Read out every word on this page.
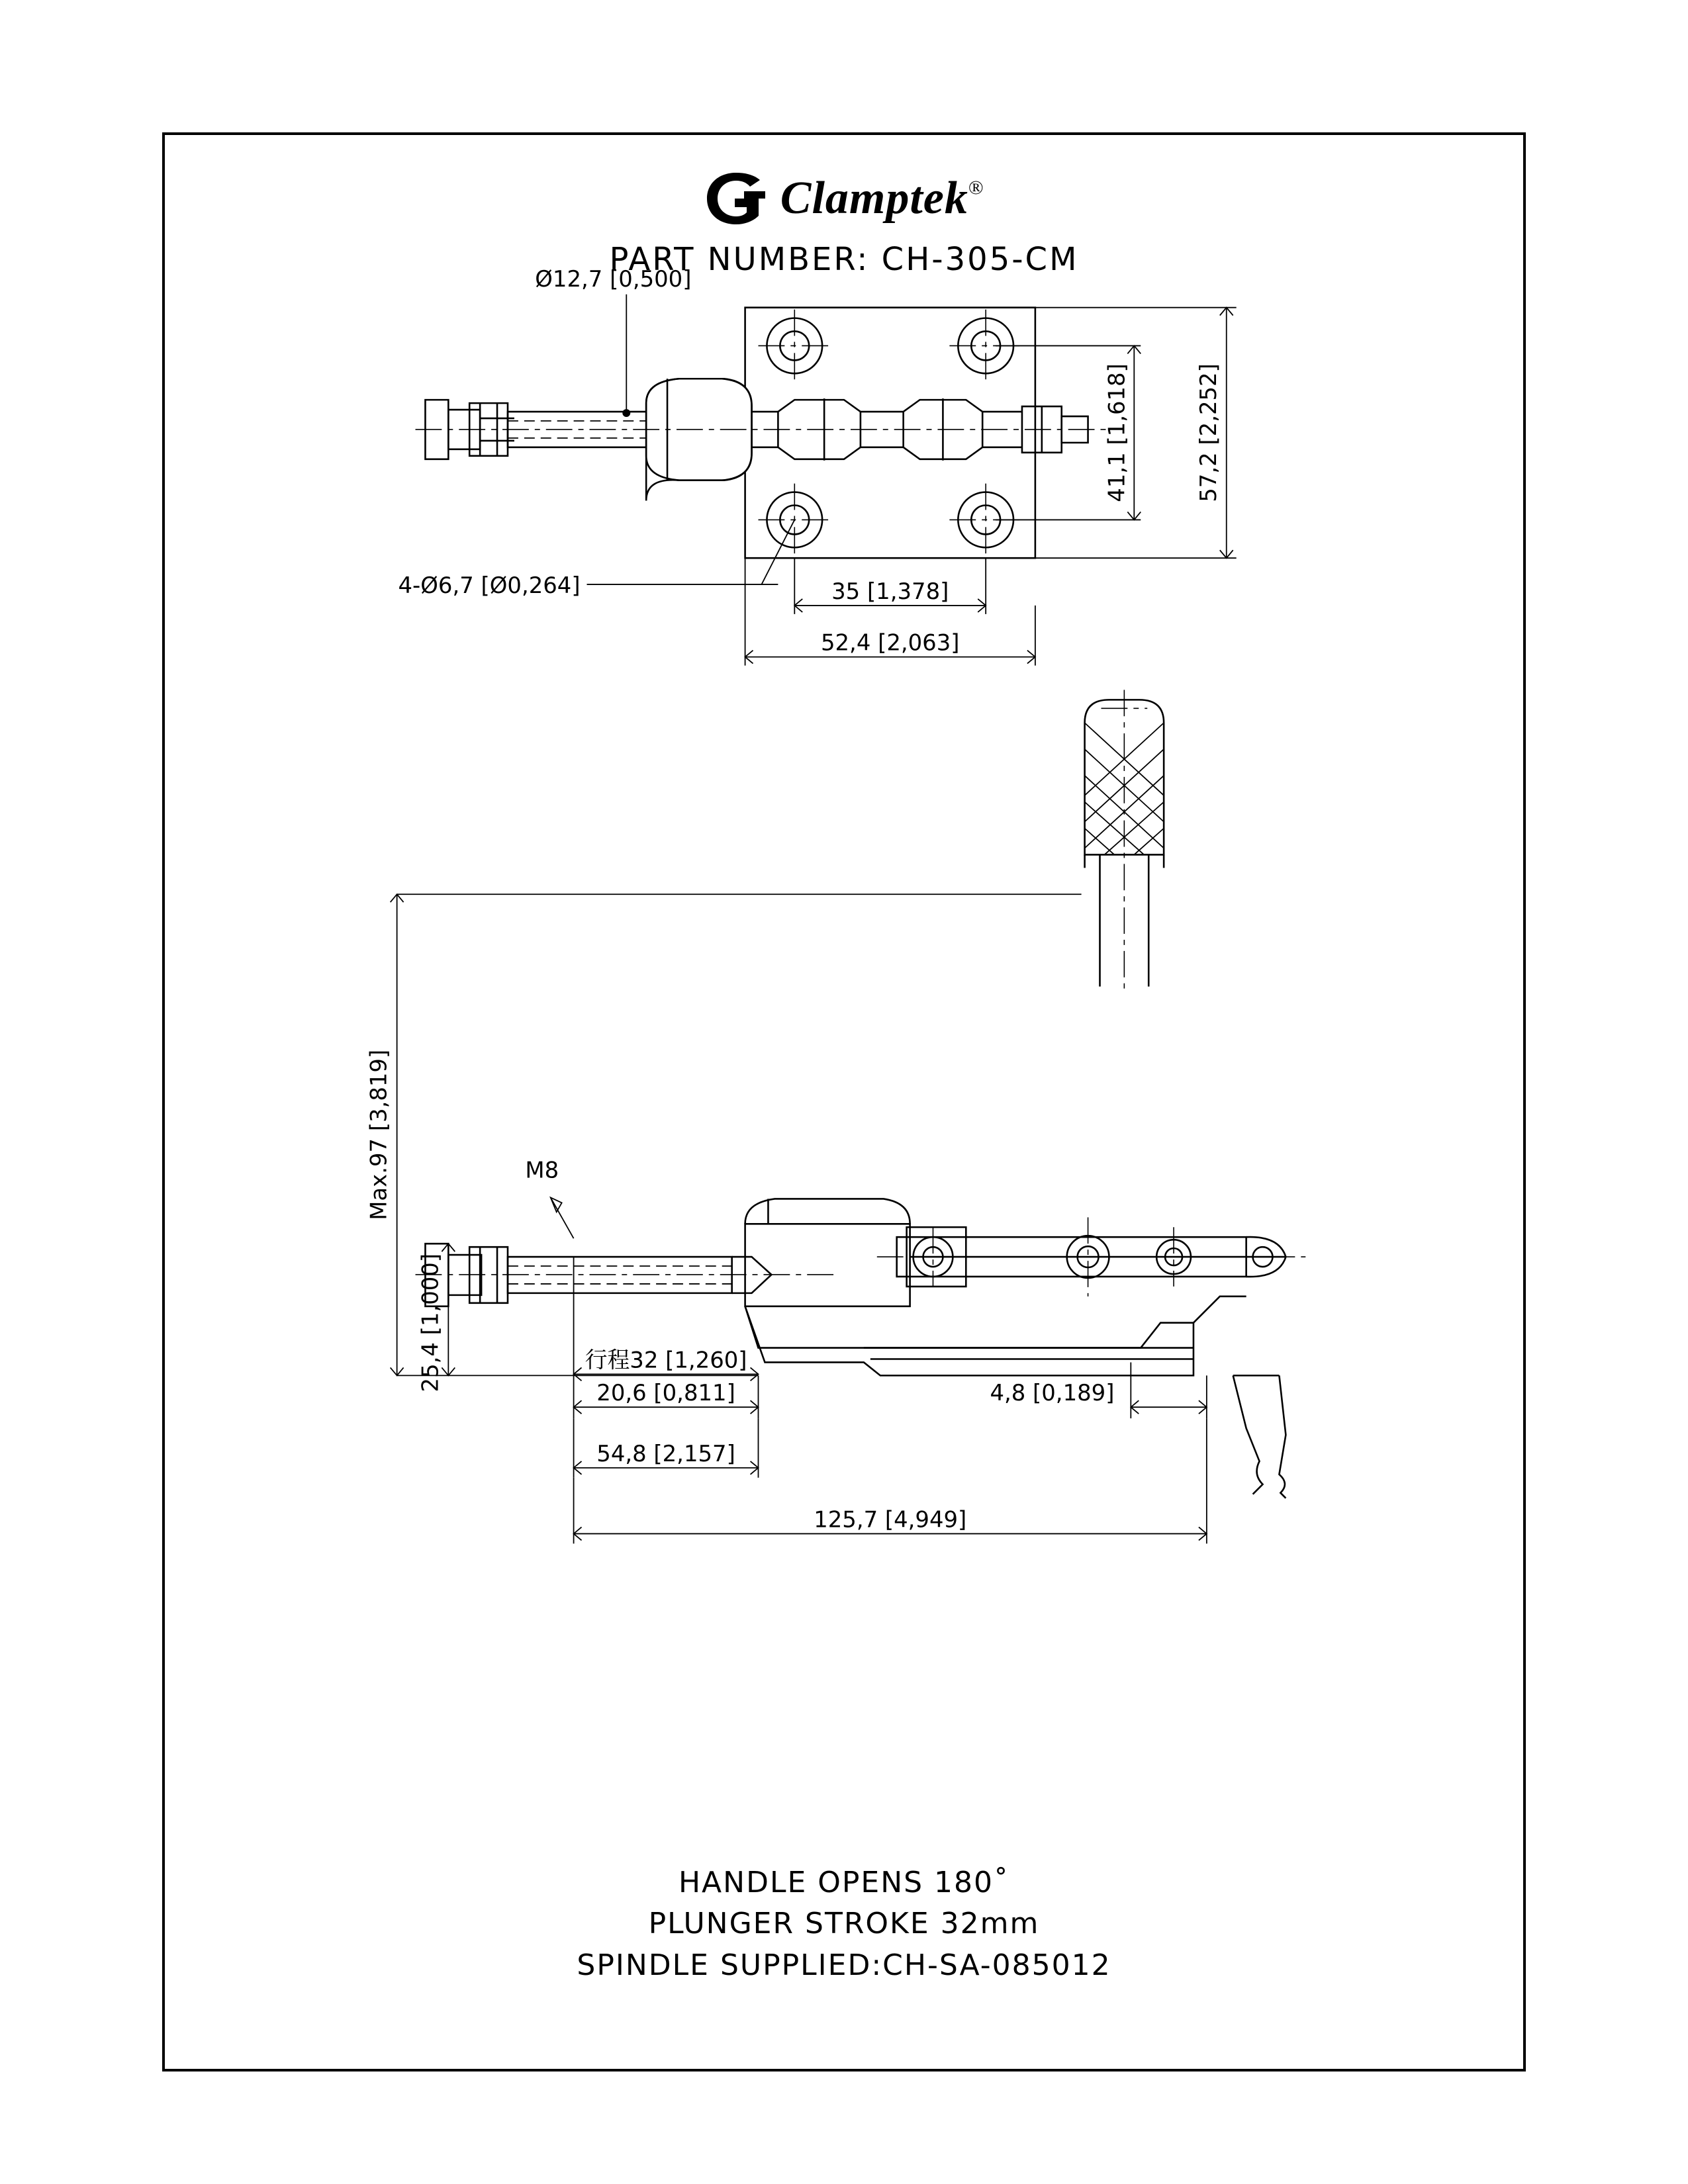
Clamptek®
PART NUMBER: CH-305-CM
Ø12,7 [0,500]
4-Ø6,7 [Ø0,264]
41,1 [1,618]	57,2 [2,252]
35 [1,378]
52,4 [2,063]
M8
Max.97 [3,819]
25,4 [1,000]	行程32 [1,260]
20,6 [0,811]
54,8 [2,157]
4,8 [0,189]
125,7 [4,949]
HANDLE OPENS 180˚
PLUNGER STROKE 32mm
SPINDLE SUPPLIED:CH-SA-085012
